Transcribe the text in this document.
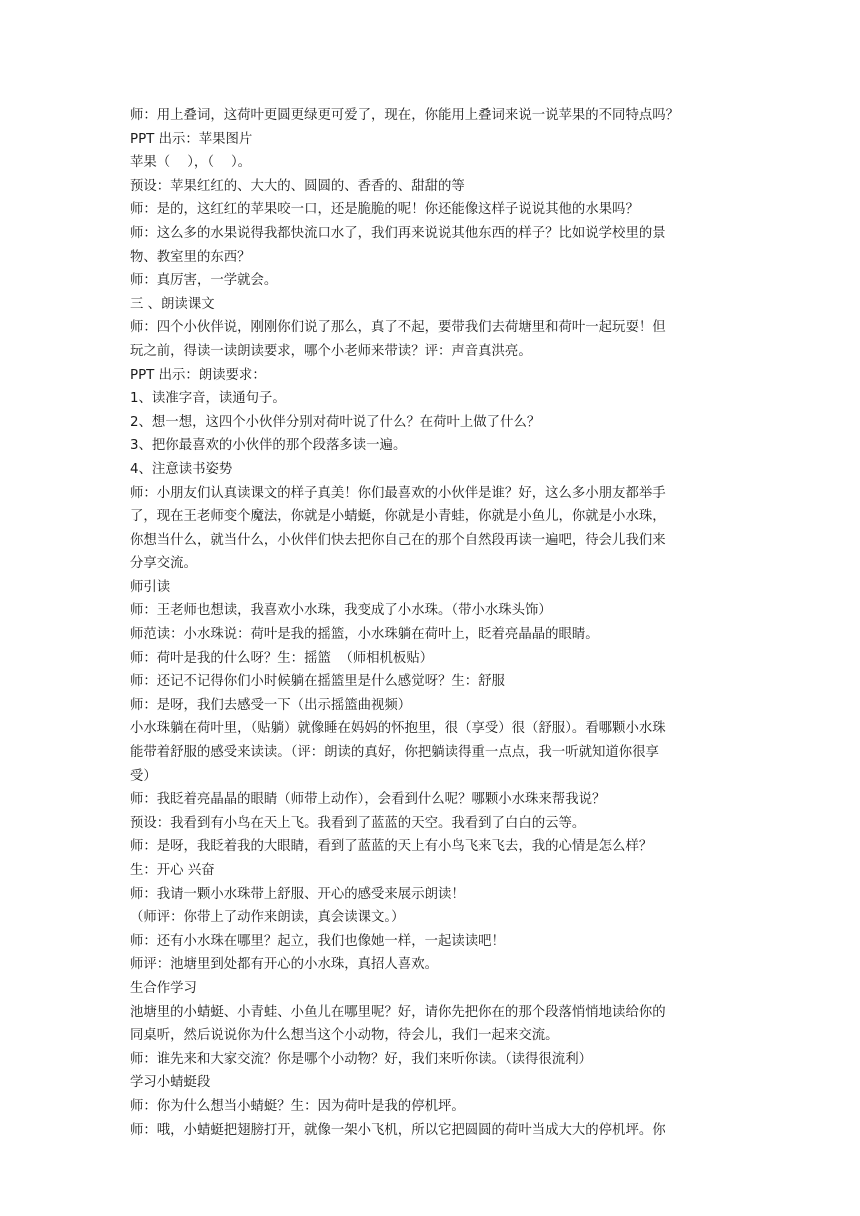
师：用上叠词，这荷叶更圆更绿更可爱了，现在，你能用上叠词来说一说苹果的不同特点吗？

PPT 出示：苹果图片

苹果（    ），（    ）。

预设：苹果红红的、大大的、圆圆的、香香的、甜甜的等

师：是的，这红红的苹果咬一口，还是脆脆的呢！你还能像这样子说说其他的水果吗？

师：这么多的水果说得我都快流口水了，我们再来说说其他东西的样子？比如说学校里的景

物、教室里的东西？

师：真厉害，一学就会。

三 、朗读课文

师：四个小伙伴说，刚刚你们说了那么，真了不起，要带我们去荷塘里和荷叶一起玩耍！但

玩之前，得读一读朗读要求，哪个小老师来带读？评：声音真洪亮。

PPT 出示：朗读要求：

1、读准字音，读通句子。

2、想一想，这四个小伙伴分别对荷叶说了什么？在荷叶上做了什么？

3、把你最喜欢的小伙伴的那个段落多读一遍。

4、注意读书姿势

师：小朋友们认真读课文的样子真美！你们最喜欢的小伙伴是谁？好，这么多小朋友都举手

了，现在王老师变个魔法，你就是小蜻蜓，你就是小青蛙，你就是小鱼儿，你就是小水珠，

你想当什么，就当什么，小伙伴们快去把你自己在的那个自然段再读一遍吧，待会儿我们来

分享交流。

师引读

师：王老师也想读，我喜欢小水珠，我变成了小水珠。（带小水珠头饰）

师范读：小水珠说：荷叶是我的摇篮，小水珠躺在荷叶上，眨着亮晶晶的眼睛。

师：荷叶是我的什么呀？生：摇篮  （师相机板贴）

师：还记不记得你们小时候躺在摇篮里是什么感觉呀？生：舒服

师：是呀，我们去感受一下（出示摇篮曲视频）

小水珠躺在荷叶里，（贴躺）就像睡在妈妈的怀抱里，很（享受）很（舒服）。看哪颗小水珠

能带着舒服的感受来读读。（评：朗读的真好，你把躺读得重一点点，我一听就知道你很享

受）

师：我眨着亮晶晶的眼睛（师带上动作），会看到什么呢？哪颗小水珠来帮我说？

预设：我看到有小鸟在天上飞。我看到了蓝蓝的天空。我看到了白白的云等。

师：是呀，我眨着我的大眼睛，看到了蓝蓝的天上有小鸟飞来飞去，我的心情是怎么样？

生：开心 兴奋

师：我请一颗小水珠带上舒服、开心的感受来展示朗读！

（师评：你带上了动作来朗读，真会读课文。）

师：还有小水珠在哪里？起立，我们也像她一样，一起读读吧！

师评：池塘里到处都有开心的小水珠，真招人喜欢。

生合作学习

池塘里的小蜻蜓、小青蛙、小鱼儿在哪里呢？好，请你先把你在的那个段落悄悄地读给你的

同桌听，然后说说你为什么想当这个小动物，待会儿，我们一起来交流。

师：谁先来和大家交流？你是哪个小动物？好，我们来听你读。（读得很流利）

学习小蜻蜓段

师：你为什么想当小蜻蜓？生：因为荷叶是我的停机坪。

师：哦，小蜻蜓把翅膀打开，就像一架小飞机，所以它把圆圆的荷叶当成大大的停机坪。你
